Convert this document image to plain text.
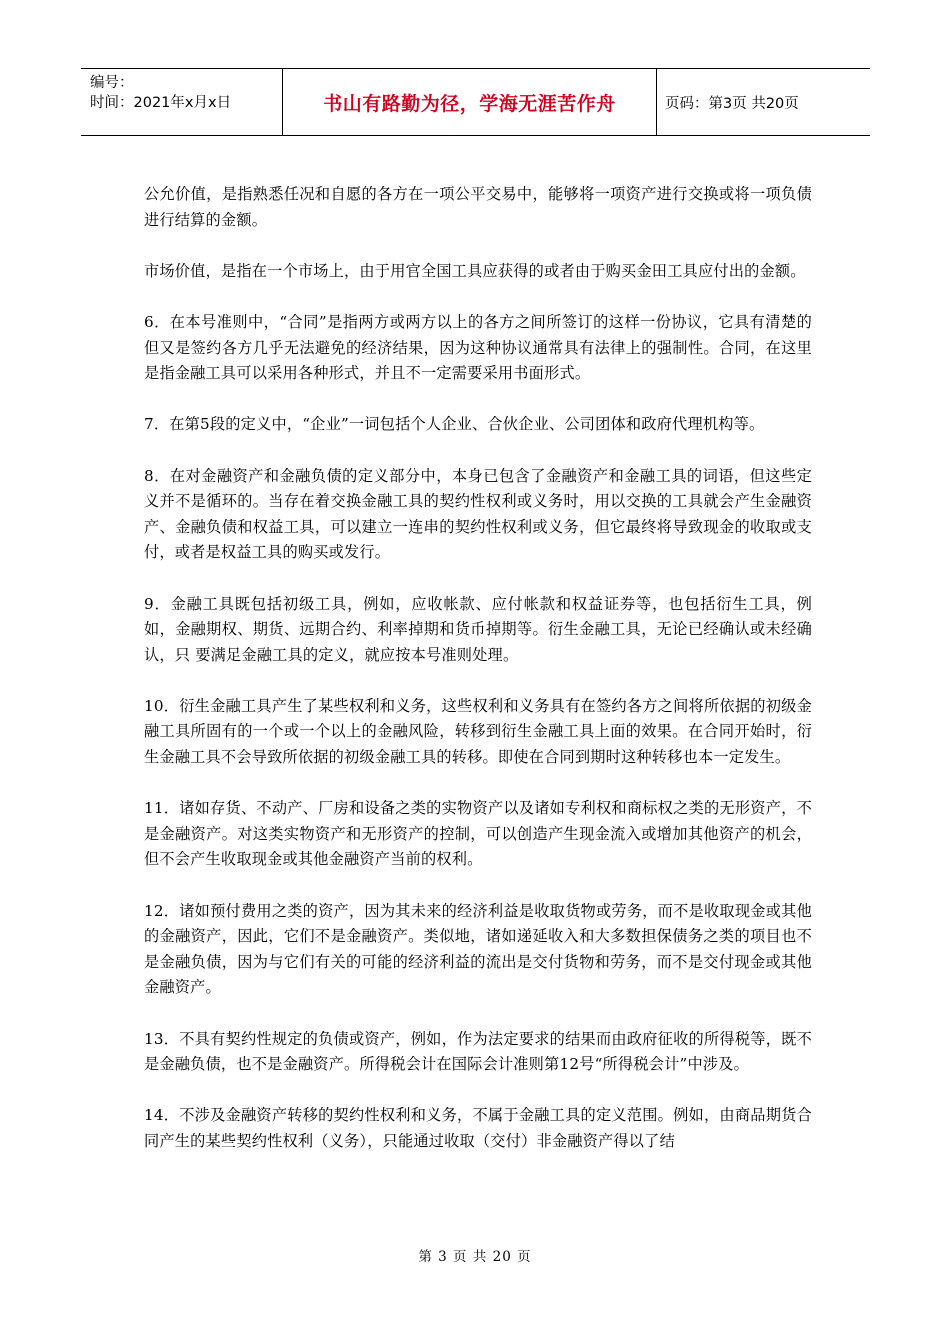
编号：
时间：2021年x月x日	书山有路勤为径，学海无涯苦作舟	页码：第3页 共20页

公允价值，是指熟悉任况和自愿的各方在一项公平交易中，能够将一项资产进行交换或将一项负债进行结算的金额。

市场价值，是指在一个市场上，由于用官全国工具应获得的或者由于购买金田工具应付出的金额。

6．在本号准则中，“合同”是指两方或两方以上的各方之间所签订的这样一份协议，它具有清楚的但又是签约各方几乎无法避免的经济结果，因为这种协议通常具有法律上的强制性。合同，在这里是指金融工具可以采用各种形式，并且不一定需要采用书面形式。

7．在第5段的定义中，“企业”一词包括个人企业、合伙企业、公司团体和政府代理机构等。

8．在对金融资产和金融负债的定义部分中，本身已包含了金融资产和金融工具的词语，但这些定义并不是循环的。当存在着交换金融工具的契约性权利或义务时，用以交换的工具就会产生金融资产、金融负债和权益工具，可以建立一连串的契约性权利或义务，但它最终将导致现金的收取或支付，或者是权益工具的购买或发行。

9．金融工具既包括初级工具，例如，应收帐款、应付帐款和权益证券等，也包括衍生工具，例如，金融期权、期货、远期合约、利率掉期和货币掉期等。衍生金融工具，无论已经确认或未经确认，只 要满足金融工具的定义，就应按本号准则处理。

10．衍生金融工具产生了某些权利和义务，这些权利和义务具有在签约各方之间将所依据的初级金融工具所固有的一个或一个以上的金融风险，转移到衍生金融工具上面的效果。在合同开始时，衍生金融工具不会导致所依据的初级金融工具的转移。即使在合同到期时这种转移也本一定发生。

11．诸如存货、不动产、厂房和设备之类的实物资产以及诸如专利权和商标权之类的无形资产，不是金融资产。对这类实物资产和无形资产的控制，可以创造产生现金流入或增加其他资产的机会，但不会产生收取现金或其他金融资产当前的权利。

12．诸如预付费用之类的资产，因为其未来的经济利益是收取货物或劳务，而不是收取现金或其他的金融资产，因此，它们不是金融资产。类似地，诸如递延收入和大多数担保债务之类的项目也不是金融负债，因为与它们有关的可能的经济利益的流出是交付货物和劳务，而不是交付现金或其他金融资产。

13．不具有契约性规定的负债或资产，例如，作为法定要求的结果而由政府征收的所得税等，既不是金融负债，也不是金融资产。所得税会计在国际会计准则第12号“所得税会计”中涉及。

14．不涉及金融资产转移的契约性权利和义务，不属于金融工具的定义范围。例如，由商品期货合同产生的某些契约性权利（义务），只能通过收取（交付）非金融资产得以了结

第 3 页 共 20 页
